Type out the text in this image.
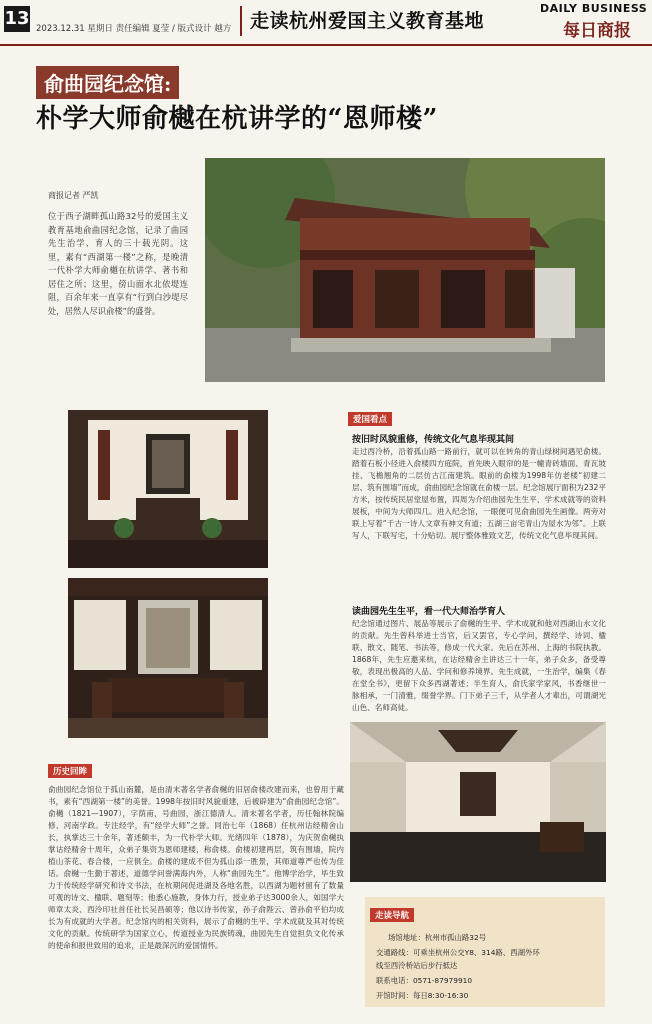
13 2023.12.31 星期日 责任编辑 夏莹 / 版式设计 越方 走读杭州爱国主义教育基地
DAILY BUSINESS
每日商报
俞曲园纪念馆:
朴学大师俞樾在杭讲学的“恩师楼”
商报记者 严凯
位于西子湖畔孤山路32号的爱国主义教育基地俞曲园纪念馆，记录了曲园先生治学、育人的三十载光阴。这里，素有“西湖第一楼”之称，是晚清一代朴学大师俞樾在杭讲学、著书和居住之所；这里，傍山面水北依堤连阻，百余年来一直享有“行到白沙堤尽处，居然人尽识俞楼”的盛誉。
爱国看点
按旧时风貌重修，传统文化气息毕现其间
走过西冷桥，沿着孤山路一路前行，就可以在转角的青山绿树间遇见俞楼。踏着石板小径进入俞楼四方庭院，首先映入眼帘的是一幢青砖墙面、青瓦坡挂、飞檐翘角的二层仿古江南建筑。眼前的俞楼为1998年仿老楼“初建二层、筑有围墙”而成，俞曲园纪念馆就在俞楼一层。纪念馆展厅面积为232平方米，按传统民居堂屋布置，四周为介绍曲园先生生平、学术成就等的资料展板，中间为大师四几。进入纪念馆，一眼便可见俞曲园先生画像。两旁对联上写着“千古一诗人文章有神文有道；五湖三亩宅青山为屋水为邻”。上联写人，下联写宅，十分贴切。展厅整体雅致文艺，传统文化气息毕现其间。
读曲园先生生平，看一代大师治学育人
纪念馆通过图片、展品等展示了俞樾的生平、学术成就和他对西湖山水文化的贡献。先生曾科举进士当官，后又罢官，专心学问，撰经学、诗词、楹联、散文、随笔、书法等，修成一代大家。先后在苏州、上海的书院执教。1868年，先生应邀来杭，在诂经精舍主讲达三十一年，弟子众多，备受尊敬，表现出极高的人品、学问和修养境界。先生成就，一生治学，编集《春在堂全书》，更留下众多西湖著述；半生育人，俞氏家学家风，书香继世一脉相承，一门清雅，缀誉学界。门下弟子三千，从学者人才辈出，可谓湖光山色、名师高徒。
历史回眸
俞曲园纪念馆位于孤山南麓，是由清末著名学者俞樾的旧居俞楼改建而来，也曾用于藏书，素有“西湖第一楼”的美誉。1998年按旧时风貌重建，后被辟建为“俞曲园纪念馆”。俞樾（1821—1907），字荫甫，号曲园，浙江德清人。清末著名学者，历任翰林院编修、河南学政。专注经学，有“经学大师”之誉。同治七年（1868）任杭州诂经精舍山长，执掌达三十余年，著述颇丰，为一代朴学大师。光绪四年（1878），为庆贺俞樾执掌诂经精舍十周年，众弟子集资为恩师建楼，称俞楼。俞楼初建两层，筑有围墙，院内植山茶花、春合楼，一应俱全。俞楼的建成不但为孤山添一胜景，其师道尊严也传为佳话。俞樾一生勤于著述，道德学问誉满海内外，人称“曲园先生”。他博学治学，毕生致力于传统经学研究和诗文书法，在杭期间促进湖及各地名胜，以西湖为题材留有了数量可观的诗文、楹联、题刻等；他悉心施教，身体力行，授业弟子达3000余人，如国学大师章太炎、西泠印社首任社长吴昌硕等；他以诗书传家，孙子俞陛云、曾孙俞平伯均成长为有成就的大学者。纪念馆内的相关资料，展示了俞樾的生平、学术成就及其对传统文化的贡献。传统研学为国家立心，传道授业为民族铸魂，曲园先生自觉担负文化传承的使命和报世致用的追求，正是最深沉的爱国情怀。
走读导航
场馆地址：杭州市孤山路32号
交通路线：可乘坐杭州公交Y8、314路、西湖外环
线至西泠桥站后步行抵达
联系电话：0571-87979910
开馆时间：每日8:30-16:30
